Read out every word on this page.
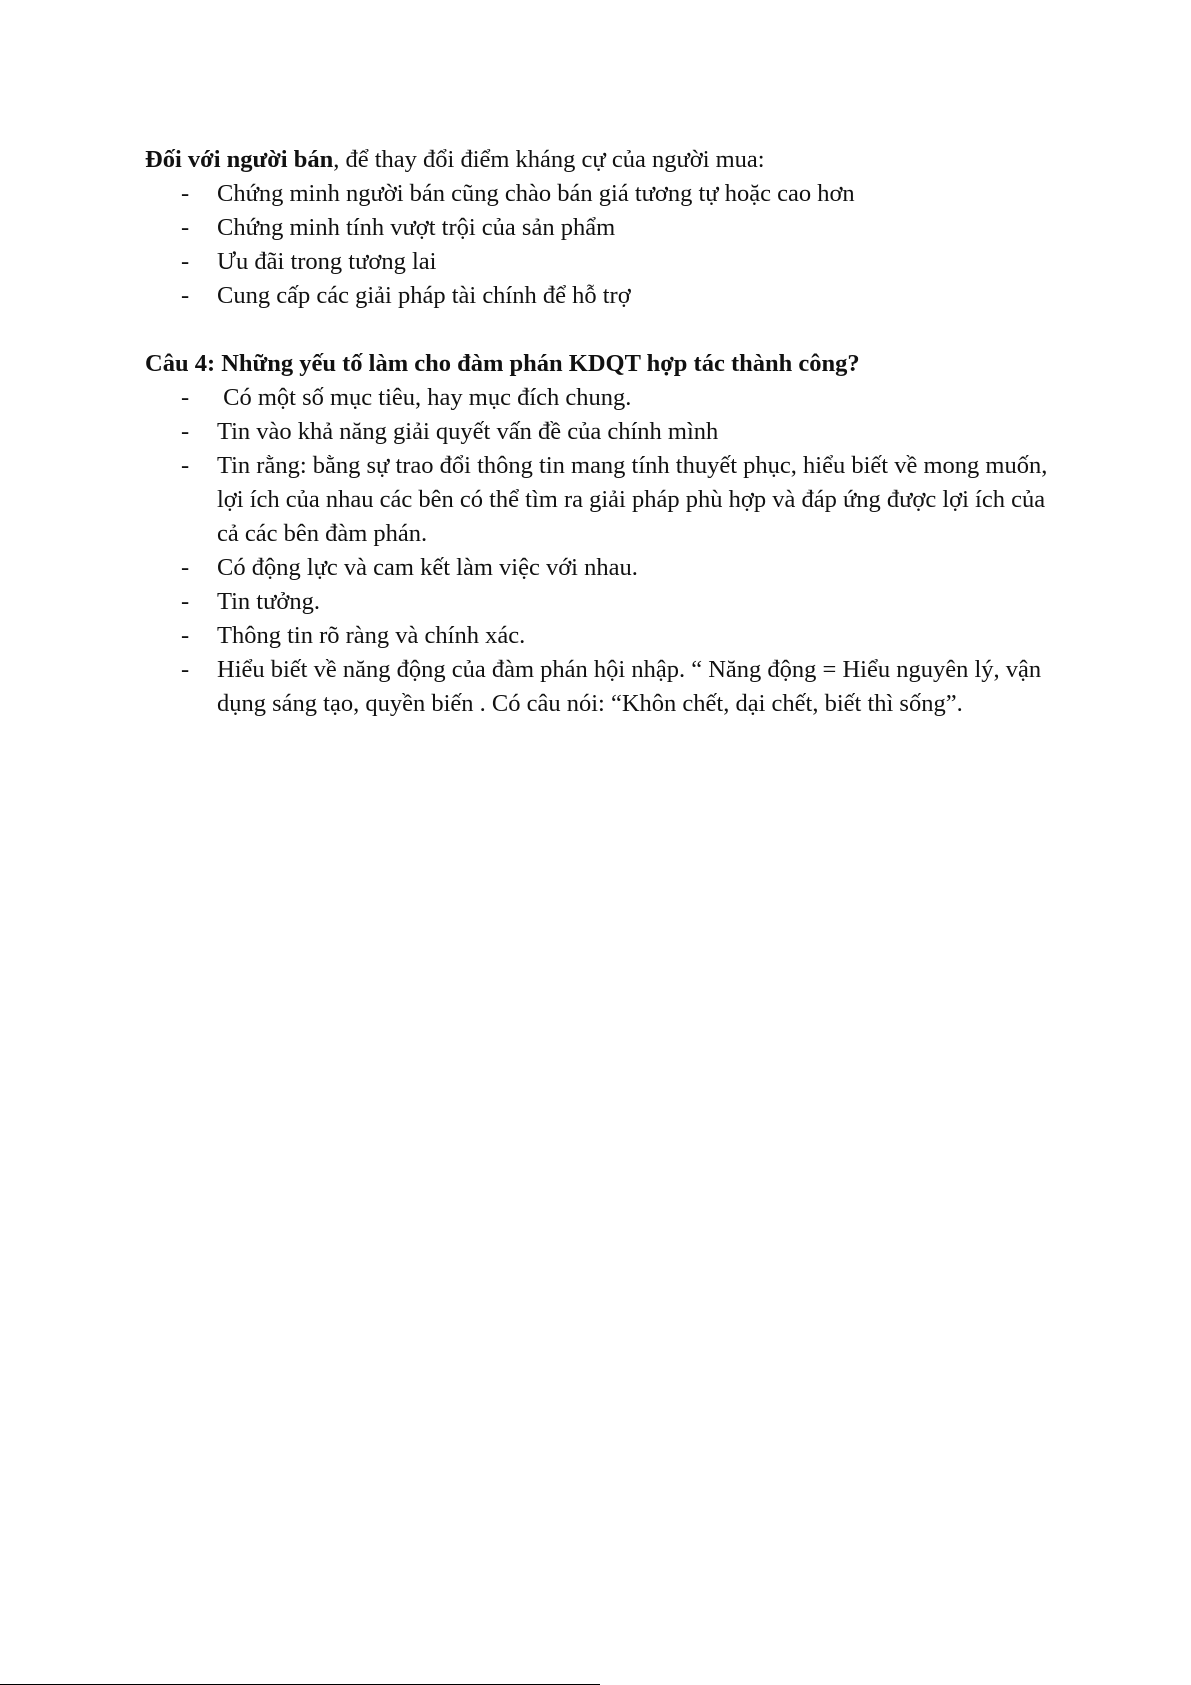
Đối với người bán, để thay đổi điểm kháng cự của người mua:

- Chứng minh người bán cũng chào bán giá tương tự hoặc cao hơn
- Chứng minh tính vượt trội của sản phẩm
- Ưu đãi trong tương lai
- Cung cấp các giải pháp tài chính để hỗ trợ

Câu 4: Những yếu tố làm cho đàm phán KDQT hợp tác thành công?

- Có một số mục tiêu, hay mục đích chung.
- Tin vào khả năng giải quyết vấn đề của chính mình
- Tin rằng: bằng sự trao đổi thông tin mang tính thuyết phục, hiểu biết về mong muốn, lợi ích của nhau các bên có thể tìm ra giải pháp phù hợp và đáp ứng được lợi ích của cả các bên đàm phán.
- Có động lực và cam kết làm việc với nhau.
- Tin tưởng.
- Thông tin rõ ràng và chính xác.
- Hiểu biết về năng động của đàm phán hội nhập. “ Năng động = Hiểu nguyên lý, vận dụng sáng tạo, quyền biến . Có câu nói: “Khôn chết, dại chết, biết thì sống”.
